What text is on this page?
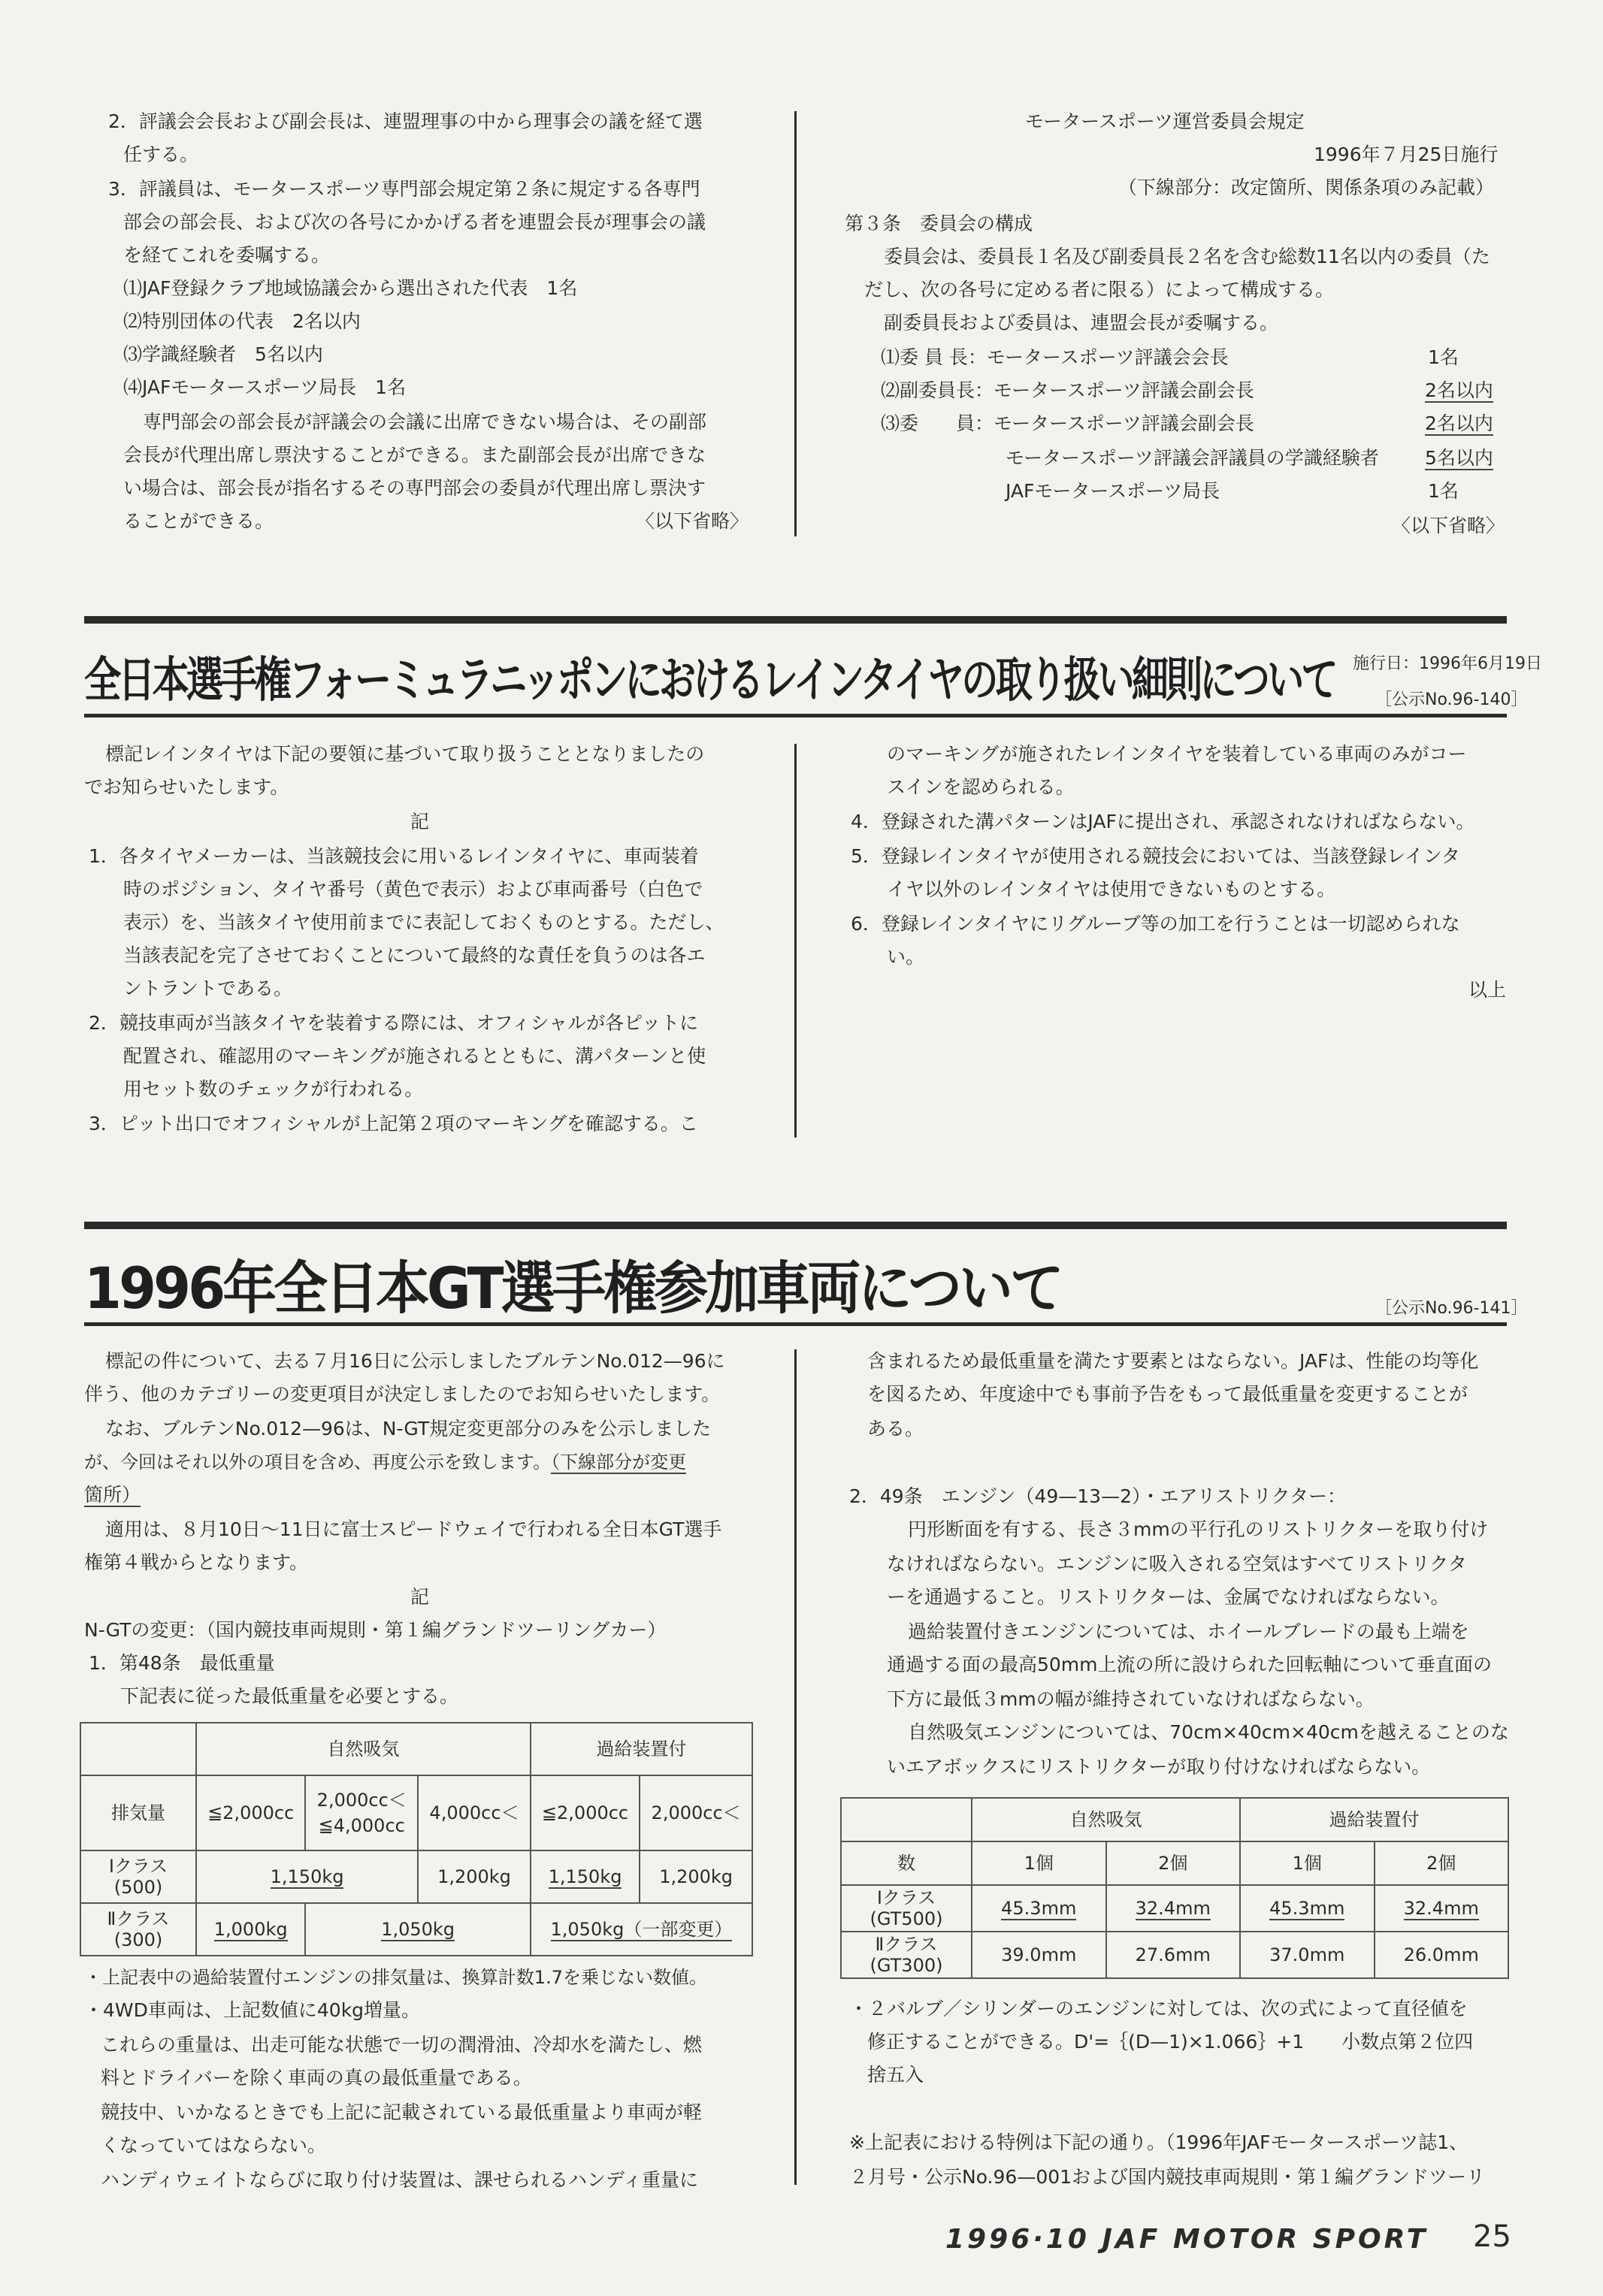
2．評議会会長および副会長は、連盟理事の中から理事会の議を経て選

任する。

3．評議員は、モータースポーツ専門部会規定第２条に規定する各専門

部会の部会長、および次の各号にかかげる者を連盟会長が理事会の議

を経てこれを委嘱する。

⑴JAF登録クラブ地域協議会から選出された代表　1名

⑵特別団体の代表　2名以内

⑶学識経験者　5名以内

⑷JAFモータースポーツ局長　1名

専門部会の部会長が評議会の会議に出席できない場合は、その副部

会長が代理出席し票決することができる。また副部会長が出席できな

い場合は、部会長が指名するその専門部会の委員が代理出席し票決す

ることができる。	〈以下省略〉

モータースポーツ運営委員会規定

1996年７月25日施行

（下線部分：改定箇所、関係条項のみ記載）

第３条　委員会の構成

委員会は、委員長１名及び副委員長２名を含む総数11名以内の委員（た

だし、次の各号に定める者に限る）によって構成する。

副委員長および委員は、連盟会長が委嘱する。

⑴委 員 長：モータースポーツ評議会会長	1名

⑵副委員長：モータースポーツ評議会副会長	2名以内

⑶委　　員：モータースポーツ評議会副会長	2名以内

モータースポーツ評議会評議員の学識経験者 5名以内

JAFモータースポーツ局長	1名

〈以下省略〉

全日本選手権フォーミュラニッポンにおけるレインタイヤの取り扱い細則について 施行日：1996年6月19日

［公示No.96-140］

標記レインタイヤは下記の要領に基づいて取り扱うこととなりましたの

でお知らせいたします。

記

1．各タイヤメーカーは、当該競技会に用いるレインタイヤに、車両装着

時のポジション、タイヤ番号（黄色で表示）および車両番号（白色で

表示）を、当該タイヤ使用前までに表記しておくものとする。ただし、

当該表記を完了させておくことについて最終的な責任を負うのは各エ

ントラントである。

2．競技車両が当該タイヤを装着する際には、オフィシャルが各ピットに

配置され、確認用のマーキングが施されるとともに、溝パターンと使

用セット数のチェックが行われる。

3．ピット出口でオフィシャルが上記第２項のマーキングを確認する。こ

のマーキングが施されたレインタイヤを装着している車両のみがコー

スインを認められる。

4．登録された溝パターンはJAFに提出され、承認されなければならない。

5．登録レインタイヤが使用される競技会においては、当該登録レインタ

イヤ以外のレインタイヤは使用できないものとする。

6．登録レインタイヤにリグルーブ等の加工を行うことは一切認められな

い。

以上

1996年全日本GT選手権参加車両について	［公示No.96-141］

標記の件について、去る７月16日に公示しましたブルテンNo.012—96に

伴う、他のカテゴリーの変更項目が決定しましたのでお知らせいたします。

なお、ブルテンNo.012—96は、N-GT規定変更部分のみを公示しました

が、今回はそれ以外の項目を含め、再度公示を致します。（下線部分が変更

箇所）

適用は、８月10日～11日に富士スピードウェイで行われる全日本GT選手

権第４戦からとなります。

記

N-GTの変更：（国内競技車両規則・第１編グランドツーリングカー）

1．第48条　最低重量

下記表に従った最低重量を必要とする。

	自然吸気			過給装置付	
排気量	≦2,000cc	2,000cc＜
≦4,000cc	4,000cc＜	≦2,000cc	2,000cc＜
Ⅰクラス
(500)	1,150kg		1,200kg	1,150kg	1,200kg
Ⅱクラス
(300)	1,000kg	1,050kg		1,050kg（一部変更）	

・上記表中の過給装置付エンジンの排気量は、換算計数1.7を乗じない数値。

・4WD車両は、上記数値に40kg増量。

これらの重量は、出走可能な状態で一切の潤滑油、冷却水を満たし、燃

料とドライバーを除く車両の真の最低重量である。

競技中、いかなるときでも上記に記載されている最低重量より車両が軽

くなっていてはならない。

ハンディウェイトならびに取り付け装置は、課せられるハンディ重量に

含まれるため最低重量を満たす要素とはならない。JAFは、性能の均等化

を図るため、年度途中でも事前予告をもって最低重量を変更することが

ある。

2．49条　エンジン（49—13—2）・エアリストリクター：

円形断面を有する、長さ３mmの平行孔のリストリクターを取り付け

なければならない。エンジンに吸入される空気はすべてリストリクタ

ーを通過すること。リストリクターは、金属でなければならない。

過給装置付きエンジンについては、ホイールブレードの最も上端を

通過する面の最高50mm上流の所に設けられた回転軸について垂直面の

下方に最低３mmの幅が維持されていなければならない。

自然吸気エンジンについては、70cm×40cm×40cmを越えることのな

いエアボックスにリストリクターが取り付けなければならない。

	自然吸気		過給装置付	
数	1個	2個	1個	2個
Ⅰクラス
(GT500)	45.3mm	32.4mm	45.3mm	32.4mm
Ⅱクラス
(GT300)	39.0mm	27.6mm	37.0mm	26.0mm

・２バルブ／シリンダーのエンジンに対しては、次の式によって直径値を

修正することができる。D'=｛(D—1)×1.066｝+1　　小数点第２位四

捨五入

※上記表における特例は下記の通り。（1996年JAFモータースポーツ誌1、

２月号・公示No.96—001および国内競技車両規則・第１編グランドツーリ

1996·10 JAF MOTOR SPORT 25
